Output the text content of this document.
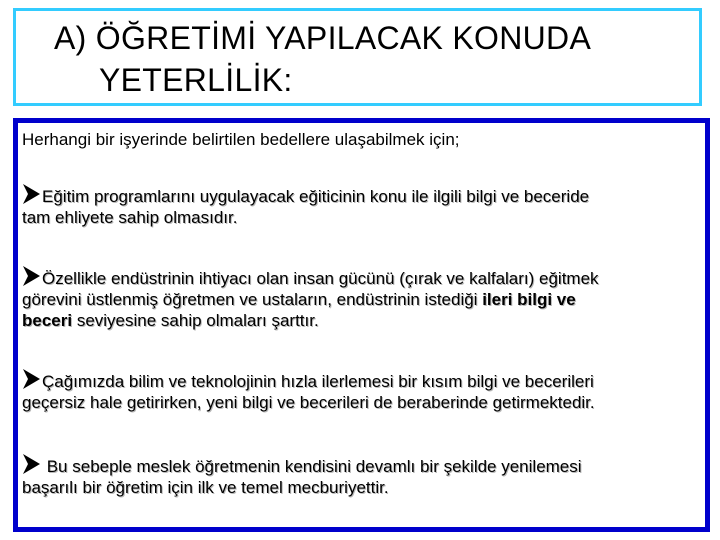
A) ÖĞRETİMİ YAPILACAK KONUDA
YETERLİLİK:
Herhangi bir işyerinde belirtilen bedellere ulaşabilmek için;
Eğitim programlarını uygulayacak eğiticinin konu ile ilgili bilgi ve beceride
tam ehliyete sahip olmasıdır.
Özellikle endüstrinin ihtiyacı olan insan gücünü (çırak ve kalfaları) eğitmek
görevini üstlenmiş öğretmen ve ustaların, endüstrinin istediği ileri bilgi ve
beceri seviyesine sahip olmaları şarttır.
Çağımızda bilim ve teknolojinin hızla ilerlemesi bir kısım bilgi ve becerileri
geçersiz hale getirirken, yeni bilgi ve becerileri de beraberinde getirmektedir.
Bu sebeple meslek öğretmenin kendisini devamlı bir şekilde yenilemesi
başarılı bir öğretim için ilk ve temel mecburiyettir.
